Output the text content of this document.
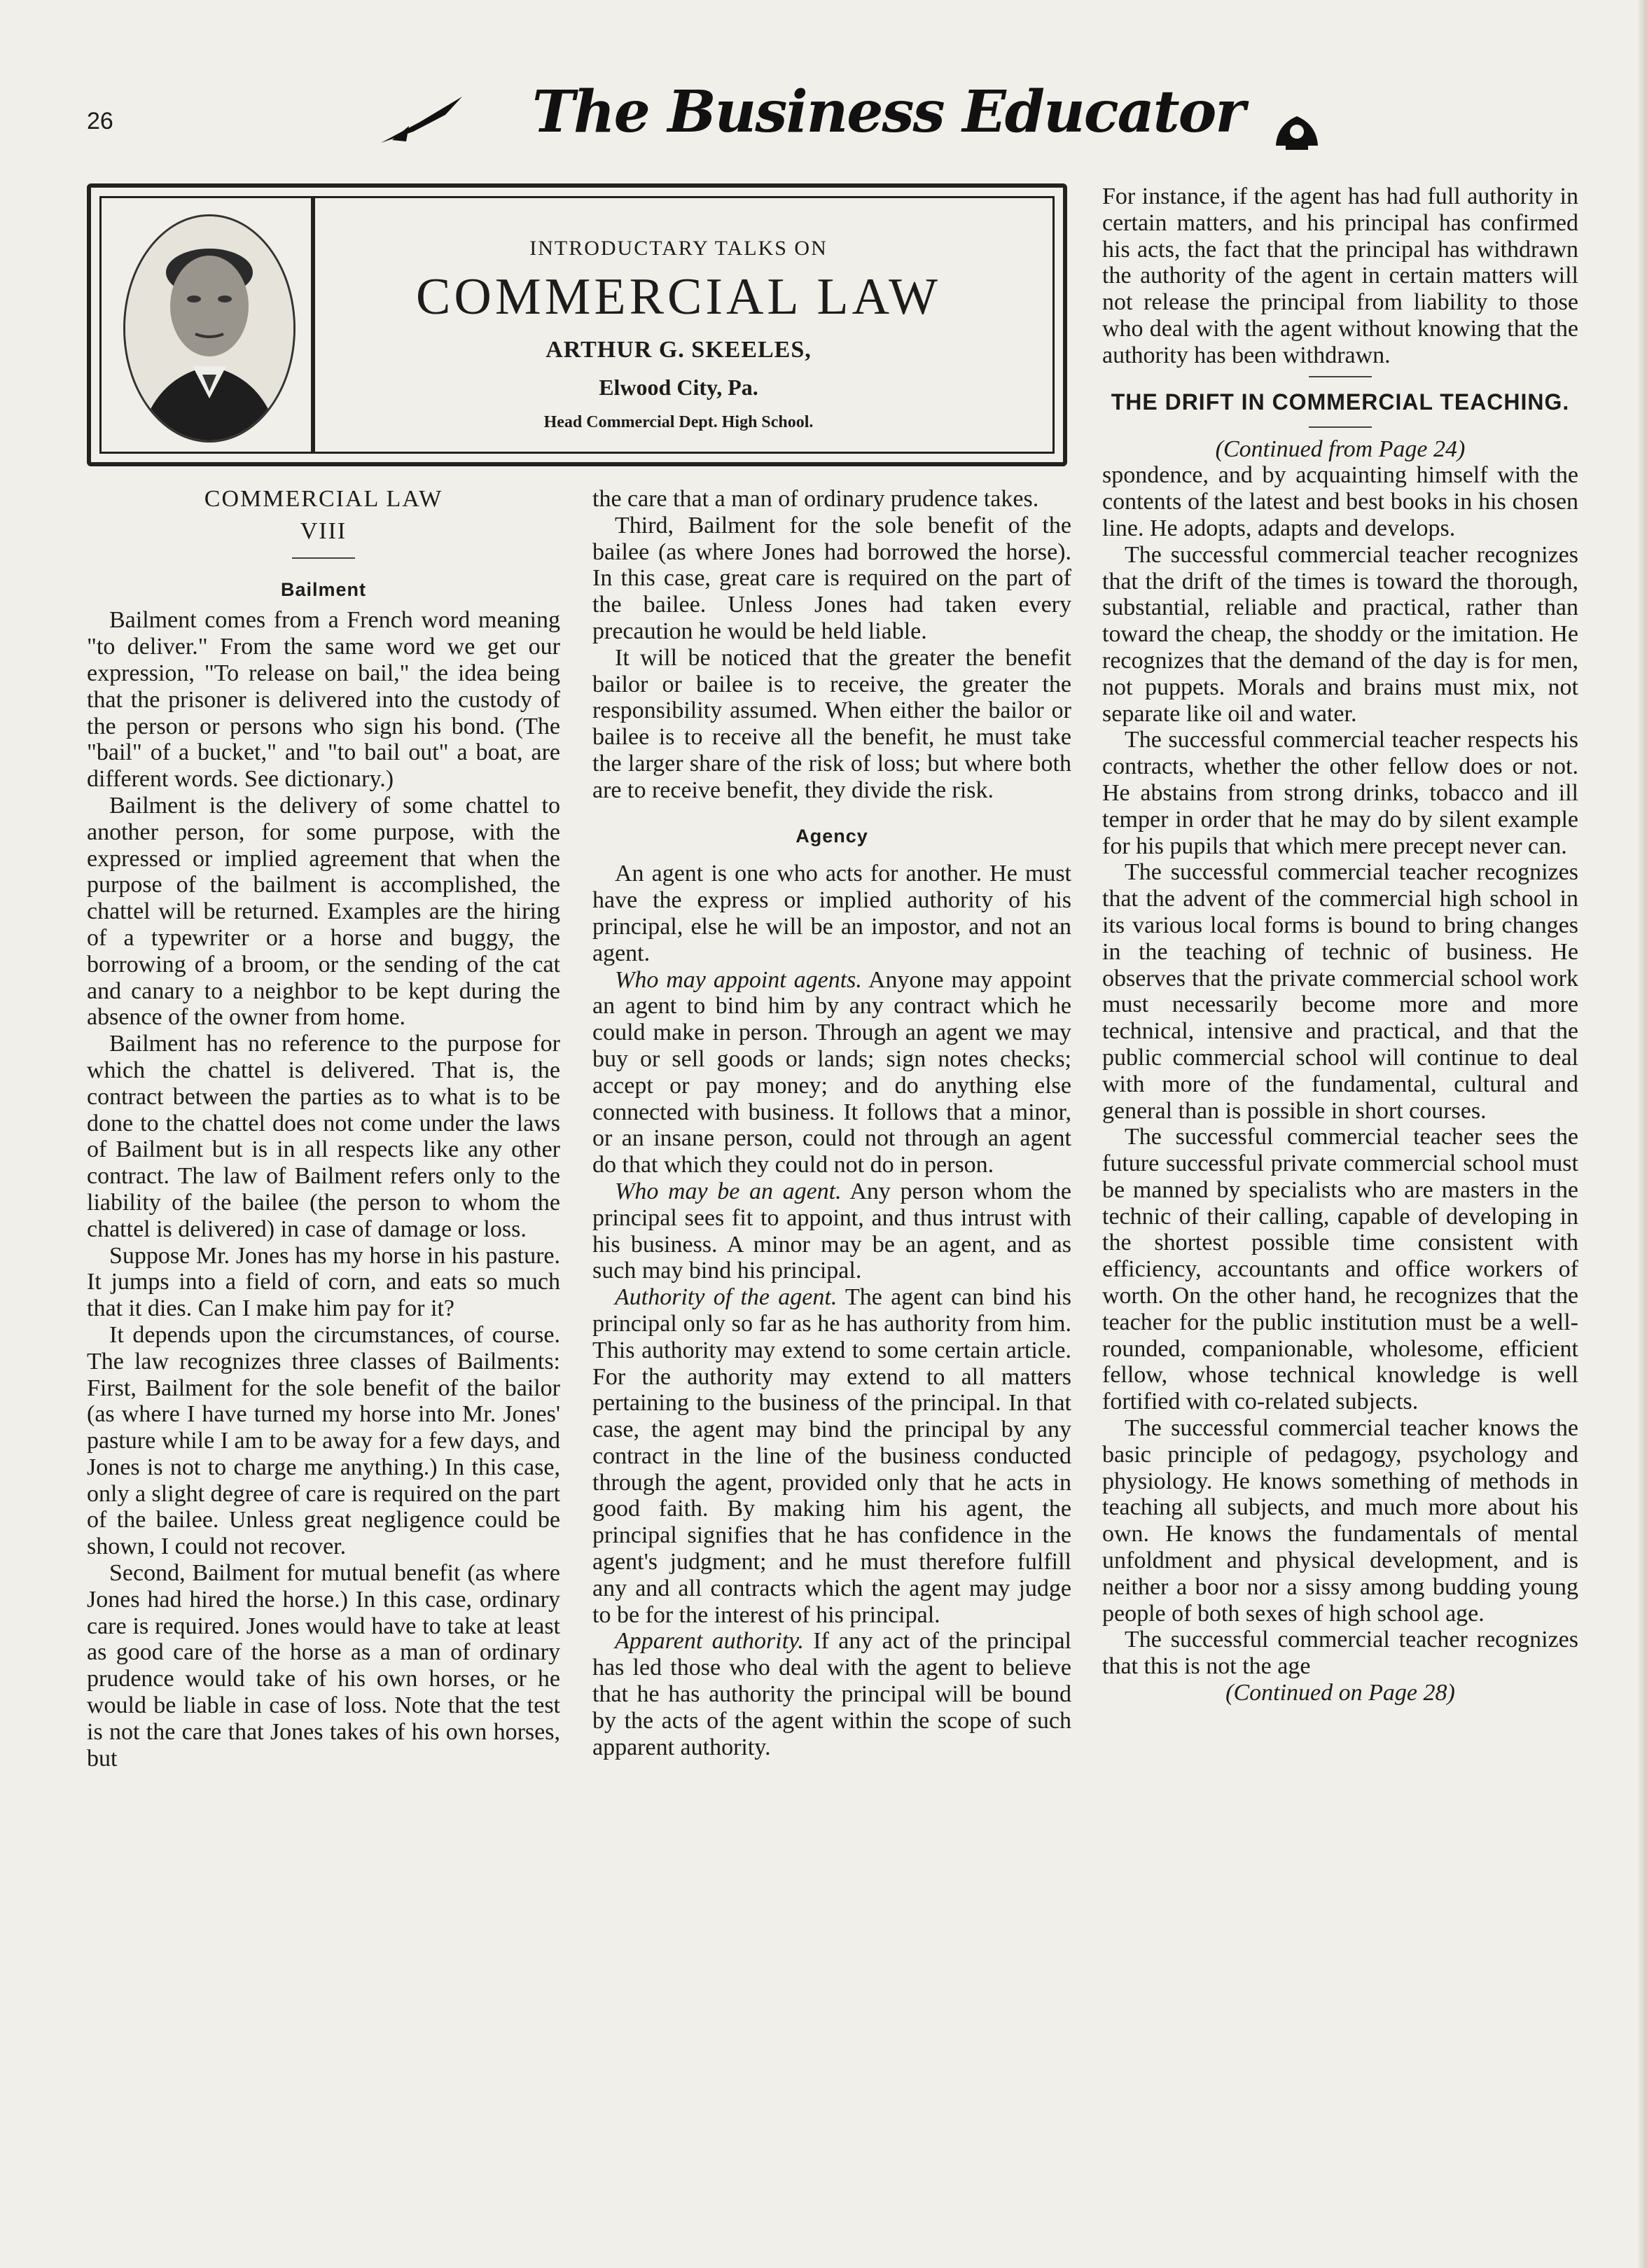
26	The Business Educator
INTRODUCTARY TALKS ON
COMMERCIAL LAW
ARTHUR G. SKEELES,
Elwood City, Pa.
Head Commercial Dept. High School.

COMMERCIAL LAW

VIII

Bailment

Bailment comes from a French word meaning "to deliver." From the same word we get our expression, "To release on bail," the idea being that the prisoner is delivered into the custody of the person or persons who sign his bond. (The "bail" of a bucket," and "to bail out" a boat, are different words. See dictionary.)

Bailment is the delivery of some chattel to another person, for some purpose, with the expressed or implied agreement that when the purpose of the bailment is accomplished, the chattel will be returned. Examples are the hiring of a typewriter or a horse and buggy, the borrowing of a broom, or the sending of the cat and canary to a neighbor to be kept during the absence of the owner from home.

Bailment has no reference to the purpose for which the chattel is delivered. That is, the contract between the parties as to what is to be done to the chattel does not come under the laws of Bailment but is in all respects like any other contract. The law of Bailment refers only to the liability of the bailee (the person to whom the chattel is delivered) in case of damage or loss.

Suppose Mr. Jones has my horse in his pasture. It jumps into a field of corn, and eats so much that it dies. Can I make him pay for it?

It depends upon the circumstances, of course. The law recognizes three classes of Bailments: First, Bailment for the sole benefit of the bailor (as where I have turned my horse into Mr. Jones' pasture while I am to be away for a few days, and Jones is not to charge me anything.) In this case, only a slight degree of care is required on the part of the bailee. Unless great negligence could be shown, I could not recover.

Second, Bailment for mutual benefit (as where Jones had hired the horse.) In this case, ordinary care is required. Jones would have to take at least as good care of the horse as a man of ordinary prudence would take of his own horses, or he would be liable in case of loss. Note that the test is not the care that Jones takes of his own horses, but

the care that a man of ordinary prudence takes.

Third, Bailment for the sole benefit of the bailee (as where Jones had borrowed the horse). In this case, great care is required on the part of the bailee. Unless Jones had taken every precaution he would be held liable.

It will be noticed that the greater the benefit bailor or bailee is to receive, the greater the responsibility assumed. When either the bailor or bailee is to receive all the benefit, he must take the larger share of the risk of loss; but where both are to receive benefit, they divide the risk.

Agency

An agent is one who acts for another. He must have the express or implied authority of his principal, else he will be an impostor, and not an agent.

Who may appoint agents. Anyone may appoint an agent to bind him by any contract which he could make in person. Through an agent we may buy or sell goods or lands; sign notes checks; accept or pay money; and do anything else connected with business. It follows that a minor, or an insane person, could not through an agent do that which they could not do in person.

Who may be an agent. Any person whom the principal sees fit to appoint, and thus intrust with his business. A minor may be an agent, and as such may bind his principal.

Authority of the agent. The agent can bind his principal only so far as he has authority from him. This authority may extend to some certain article. For the authority may extend to all matters pertaining to the business of the principal. In that case, the agent may bind the principal by any contract in the line of the business conducted through the agent, provided only that he acts in good faith. By making him his agent, the principal signifies that he has confidence in the agent's judgment; and he must therefore fulfill any and all contracts which the agent may judge to be for the interest of his principal.

Apparent authority. If any act of the principal has led those who deal with the agent to believe that he has authority the principal will be bound by the acts of the agent within the scope of such apparent authority.

For instance, if the agent has had full authority in certain matters, and his principal has confirmed his acts, the fact that the principal has withdrawn the authority of the agent in certain matters will not release the principal from liability to those who deal with the agent without knowing that the authority has been withdrawn.

THE DRIFT IN COMMERCIAL TEACHING.

(Continued from Page 24)

spondence, and by acquainting himself with the contents of the latest and best books in his chosen line. He adopts, adapts and develops.

The successful commercial teacher recognizes that the drift of the times is toward the thorough, substantial, reliable and practical, rather than toward the cheap, the shoddy or the imitation. He recognizes that the demand of the day is for men, not puppets. Morals and brains must mix, not separate like oil and water.

The successful commercial teacher respects his contracts, whether the other fellow does or not. He abstains from strong drinks, tobacco and ill temper in order that he may do by silent example for his pupils that which mere precept never can.

The successful commercial teacher recognizes that the advent of the commercial high school in its various local forms is bound to bring changes in the teaching of technic of business. He observes that the private commercial school work must necessarily become more and more technical, intensive and practical, and that the public commercial school will continue to deal with more of the fundamental, cultural and general than is possible in short courses.

The successful commercial teacher sees the future successful private commercial school must be manned by specialists who are masters in the technic of their calling, capable of developing in the shortest possible time consistent with efficiency, accountants and office workers of worth. On the other hand, he recognizes that the teacher for the public institution must be a well-rounded, companionable, wholesome, efficient fellow, whose technical knowledge is well fortified with co-related subjects.

The successful commercial teacher knows the basic principle of pedagogy, psychology and physiology. He knows something of methods in teaching all subjects, and much more about his own. He knows the fundamentals of mental unfoldment and physical development, and is neither a boor nor a sissy among budding young people of both sexes of high school age.

The successful commercial teacher recognizes that this is not the age

(Continued on Page 28)
